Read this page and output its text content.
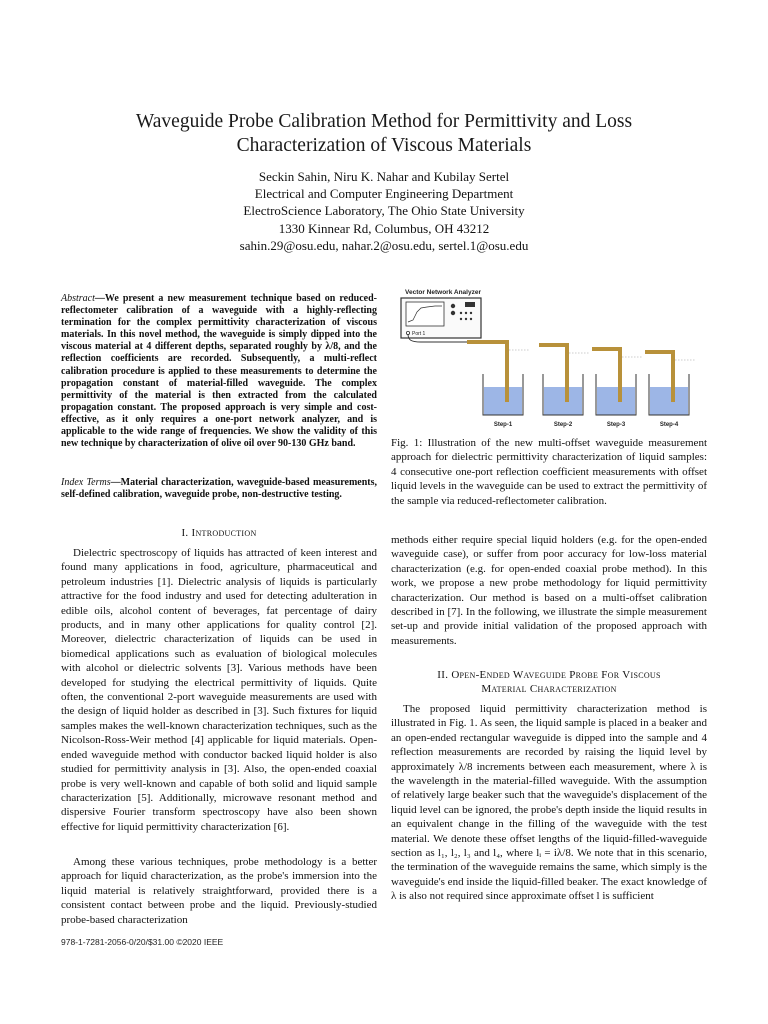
Waveguide Probe Calibration Method for Permittivity and Loss
Characterization of Viscous Materials
Seckin Sahin, Niru K. Nahar and Kubilay Sertel
Electrical and Computer Engineering Department
ElectroScience Laboratory, The Ohio State University
1330 Kinnear Rd, Columbus, OH 43212
sahin.29@osu.edu, nahar.2@osu.edu, sertel.1@osu.edu
Abstract—We present a new measurement technique based on reduced-reflectometer calibration of a waveguide with a highly-reflecting termination for the complex permittivity characterization of viscous materials. In this novel method, the waveguide is simply dipped into the viscous material at 4 different depths, separated roughly by λ/8, and the reflection coefficients are recorded. Subsequently, a multi-reflect calibration procedure is applied to these measurements to determine the propagation constant of material-filled waveguide. The complex permittivity of the material is then extracted from the calculated propagation constant. The proposed approach is very simple and cost-effective, as it only requires a one-port network analyzer, and is applicable to the wide range of frequencies. We show the validity of this new technique by characterization of olive oil over 90-130 GHz band.
Index Terms—Material characterization, waveguide-based measurements, self-defined calibration, waveguide probe, non-destructive testing.
I. Introduction

Dielectric spectroscopy of liquids has attracted of keen interest and found many applications in food, agriculture, pharmaceutical and petroleum industries [1]. Dielectric analysis of liquids is particularly attractive for the food industry and used for detecting adulteration in edible oils, alcohol content of beverages, fat percentage of dairy products, and in many other applications for quality control [2]. Moreover, dielectric characterization of liquids can be used in biomedical applications such as evaluation of biological molecules with alcohol or dielectric solvents [3]. Various methods have been developed for studying the electrical permittivity of liquids. Quite often, the conventional 2-port waveguide measurements are used with the design of liquid holder as described in [3]. Such fixtures for liquid samples makes the well-known characterization techniques, such as the Nicolson-Ross-Weir method [4] applicable for liquid materials. Open-ended waveguide method with conductor backed liquid holder is also studied for permittivity analysis in [3]. Also, the open-ended coaxial probe is very well-known and capable of both solid and liquid sample characterization [5]. Additionally, microwave resonant method and dispersive Fourier transform spectroscopy have also been shown effective for liquid permittivity characterization [6].

Among these various techniques, probe methodology is a better approach for liquid characterization, as the probe's immersion into the liquid material is relatively straightforward, provided there is a consistent contact between probe and the liquid. Previously-studied probe-based characterization

Vector Network Analyzer
Port 1
Step-1	Step-2	Step-3	Step-4
Fig. 1: Illustration of the new multi-offset waveguide measurement approach for dielectric permittivity characterization of liquid samples: 4 consecutive one-port reflection coefficient measurements with offset liquid levels in the waveguide can be used to extract the permittivity of the sample via reduced-reflectometer calibration.

methods either require special liquid holders (e.g. for the open-ended waveguide case), or suffer from poor accuracy for low-loss material characterization (e.g. for open-ended coaxial probe method). In this work, we propose a new probe methodology for liquid permittivity characterization. Our method is based on a multi-offset calibration described in [7]. In the following, we illustrate the simple measurement set-up and provide initial validation of the proposed approach with measurements.

II. Open-Ended Waveguide Probe For Viscous
Material Characterization

The proposed liquid permittivity characterization method is illustrated in Fig. 1. As seen, the liquid sample is placed in a beaker and an open-ended rectangular waveguide is dipped into the sample and 4 reflection measurements are recorded by raising the liquid level by approximately λ/8 increments between each measurement, where λ is the wavelength in the material-filled waveguide. With the assumption of relatively large beaker such that the waveguide's displacement of the liquid level can be ignored, the probe's depth inside the liquid results in an equivalent change in the filling of the waveguide with the test material. We denote these offset lengths of the liquid-filled-waveguide section as l₁, l₂, l₃ and l₄, where lᵢ = iλ/8. We note that in this scenario, the termination of the waveguide remains the same, which simply is the waveguide's end inside the liquid-filled beaker. The exact knowledge of λ is also not required since approximate offset l is sufficient

978-1-7281-2056-0/20/$31.00 ©2020 IEEE
